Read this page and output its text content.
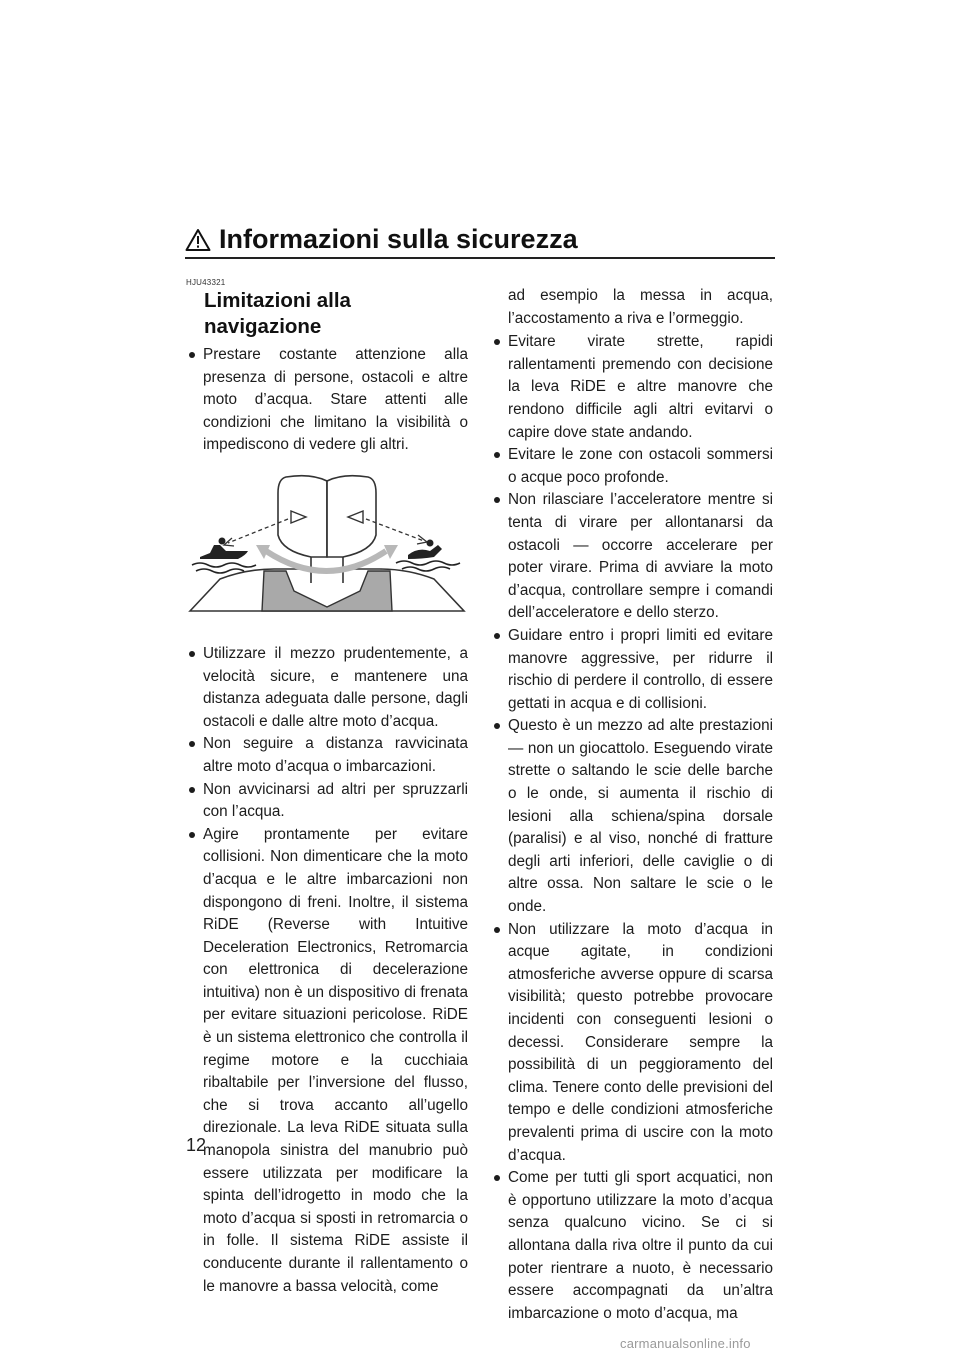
Informazioni sulla sicurezza
HJU43321
Limitazioni alla navigazione
Prestare costante attenzione alla presenza di persone, ostacoli e altre moto d’acqua. Stare attenti alle condizioni che limitano la visibilità o impediscono di vedere gli altri.
Utilizzare il mezzo prudentemente, a velocità sicure, e mantenere una distanza adeguata dalle persone, dagli ostacoli e dalle altre moto d’acqua.
Non seguire a distanza ravvicinata altre moto d’acqua o imbarcazioni.
Non avvicinarsi ad altri per spruzzarli con l’acqua.
Agire prontamente per evitare collisioni. Non dimenticare che la moto d’acqua e le altre imbarcazioni non dispongono di freni. Inoltre, il sistema RiDE (Reverse with Intuitive Deceleration Electronics, Retromarcia con elettronica di decelerazione intuitiva) non è un dispositivo di frenata per evitare situazioni pericolose. RiDE è un sistema elettronico che controlla il regime motore e la cucchiaia ribaltabile per l’inversione del flusso, che si trova accanto all’ugello direzionale. La leva RiDE situata sulla manopola sinistra del manubrio può essere utilizzata per modificare la spinta dell’idrogetto in modo che la moto d’acqua si sposti in retromarcia o in folle. Il sistema RiDE assiste il conducente durante il rallentamento o le manovre a bassa velocità, come

ad esempio la messa in acqua, l’accostamento a riva e l’ormeggio.

Evitare virate strette, rapidi rallentamenti premendo con decisione la leva RiDE e altre manovre che rendono difficile agli altri evitarvi o capire dove state andando.
Evitare le zone con ostacoli sommersi o acque poco profonde.
Non rilasciare l’acceleratore mentre si tenta di virare per allontanarsi da ostacoli — occorre accelerare per poter virare. Prima di avviare la moto d’acqua, controllare sempre i comandi dell’acceleratore e dello sterzo.
Guidare entro i propri limiti ed evitare manovre aggressive, per ridurre il rischio di perdere il controllo, di essere gettati in acqua e di collisioni.
Questo è un mezzo ad alte prestazioni — non un giocattolo. Eseguendo virate strette o saltando le scie delle barche o le onde, si aumenta il rischio di lesioni alla schiena/spina dorsale (paralisi) e al viso, nonché di fratture degli arti inferiori, delle caviglie o di altre ossa. Non saltare le scie o le onde.
Non utilizzare la moto d’acqua in acque agitate, in condizioni atmosferiche avverse oppure di scarsa visibilità; questo potrebbe provocare incidenti con conseguenti lesioni o decessi. Considerare sempre la possibilità di un peggioramento del clima. Tenere conto delle previsioni del tempo e delle condizioni atmosferiche prevalenti prima di uscire con la moto d’acqua.
Come per tutti gli sport acquatici, non è opportuno utilizzare la moto d’acqua senza qualcuno vicino. Se ci si allontana dalla riva oltre il punto da cui poter rientrare a nuoto, è necessario essere accompagnati da un’altra imbarcazione o moto d’acqua, ma
12
carmanualsonline.info
